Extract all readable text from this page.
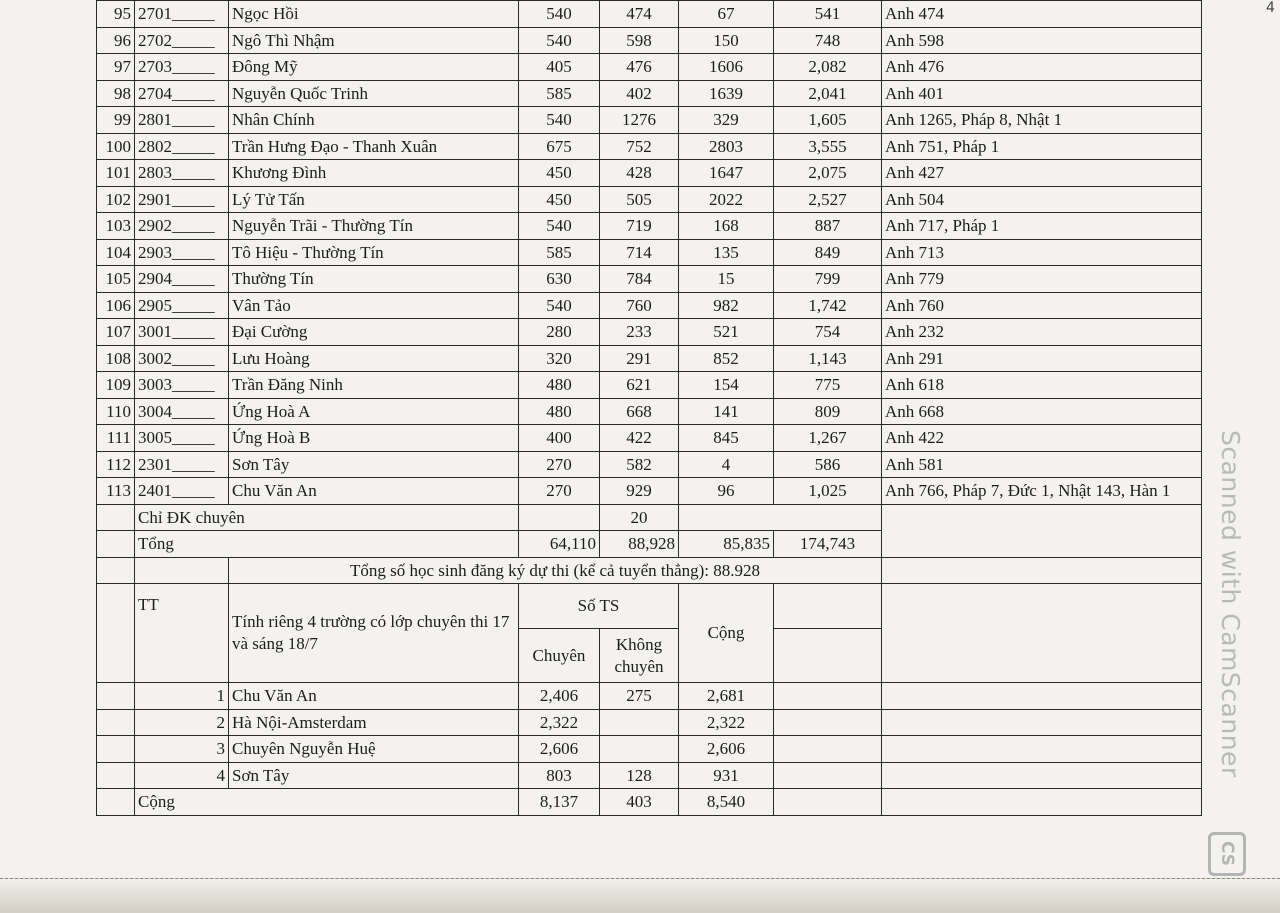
4
95	2701_____	Ngọc Hồi	540	474	67	541	Anh 474
96	2702_____	Ngô Thì Nhậm	540	598	150	748	Anh 598
97	2703_____	Đông Mỹ	405	476	1606	2,082	Anh 476
98	2704_____	Nguyễn Quốc Trinh	585	402	1639	2,041	Anh 401
99	2801_____	Nhân Chính	540	1276	329	1,605	Anh 1265, Pháp 8, Nhật 1
100	2802_____	Trần Hưng Đạo - Thanh Xuân	675	752	2803	3,555	Anh 751, Pháp 1
101	2803_____	Khương Đình	450	428	1647	2,075	Anh 427
102	2901_____	Lý Tử Tấn	450	505	2022	2,527	Anh 504
103	2902_____	Nguyễn Trãi - Thường Tín	540	719	168	887	Anh 717, Pháp 1
104	2903_____	Tô Hiệu - Thường Tín	585	714	135	849	Anh 713
105	2904_____	Thường Tín	630	784	15	799	Anh 779
106	2905_____	Vân Tảo	540	760	982	1,742	Anh 760
107	3001_____	Đại Cường	280	233	521	754	Anh 232
108	3002_____	Lưu Hoàng	320	291	852	1,143	Anh 291
109	3003_____	Trần Đăng Ninh	480	621	154	775	Anh 618
110	3004_____	Ứng Hoà A	480	668	141	809	Anh 668
111	3005_____	Ứng Hoà B	400	422	845	1,267	Anh 422
112	2301_____	Sơn Tây	270	582	4	586	Anh 581
113	2401_____	Chu Văn An	270	929	96	1,025	Anh 766, Pháp 7, Đức 1, Nhật 143, Hàn 1
	Chỉ ĐK chuyên			20			
	Tổng		64,110	88,928	85,835	174,743	
		Tổng số học sinh đăng ký dự thi (kể cả tuyển thẳng): 88.928					
	TT	Tính riêng 4 trường có lớp chuyên thi 17 và sáng 18/7	Số TS		Cộng		
			Chuyên	Không chuyên			
	1	Chu Văn An	2,406	275	2,681		
	2	Hà Nội-Amsterdam	2,322		2,322		
	3	Chuyên Nguyễn Huệ	2,606		2,606		
	4	Sơn Tây	803	128	931		
	Cộng		8,137	403	8,540		
Scanned with CamScanner
CS
